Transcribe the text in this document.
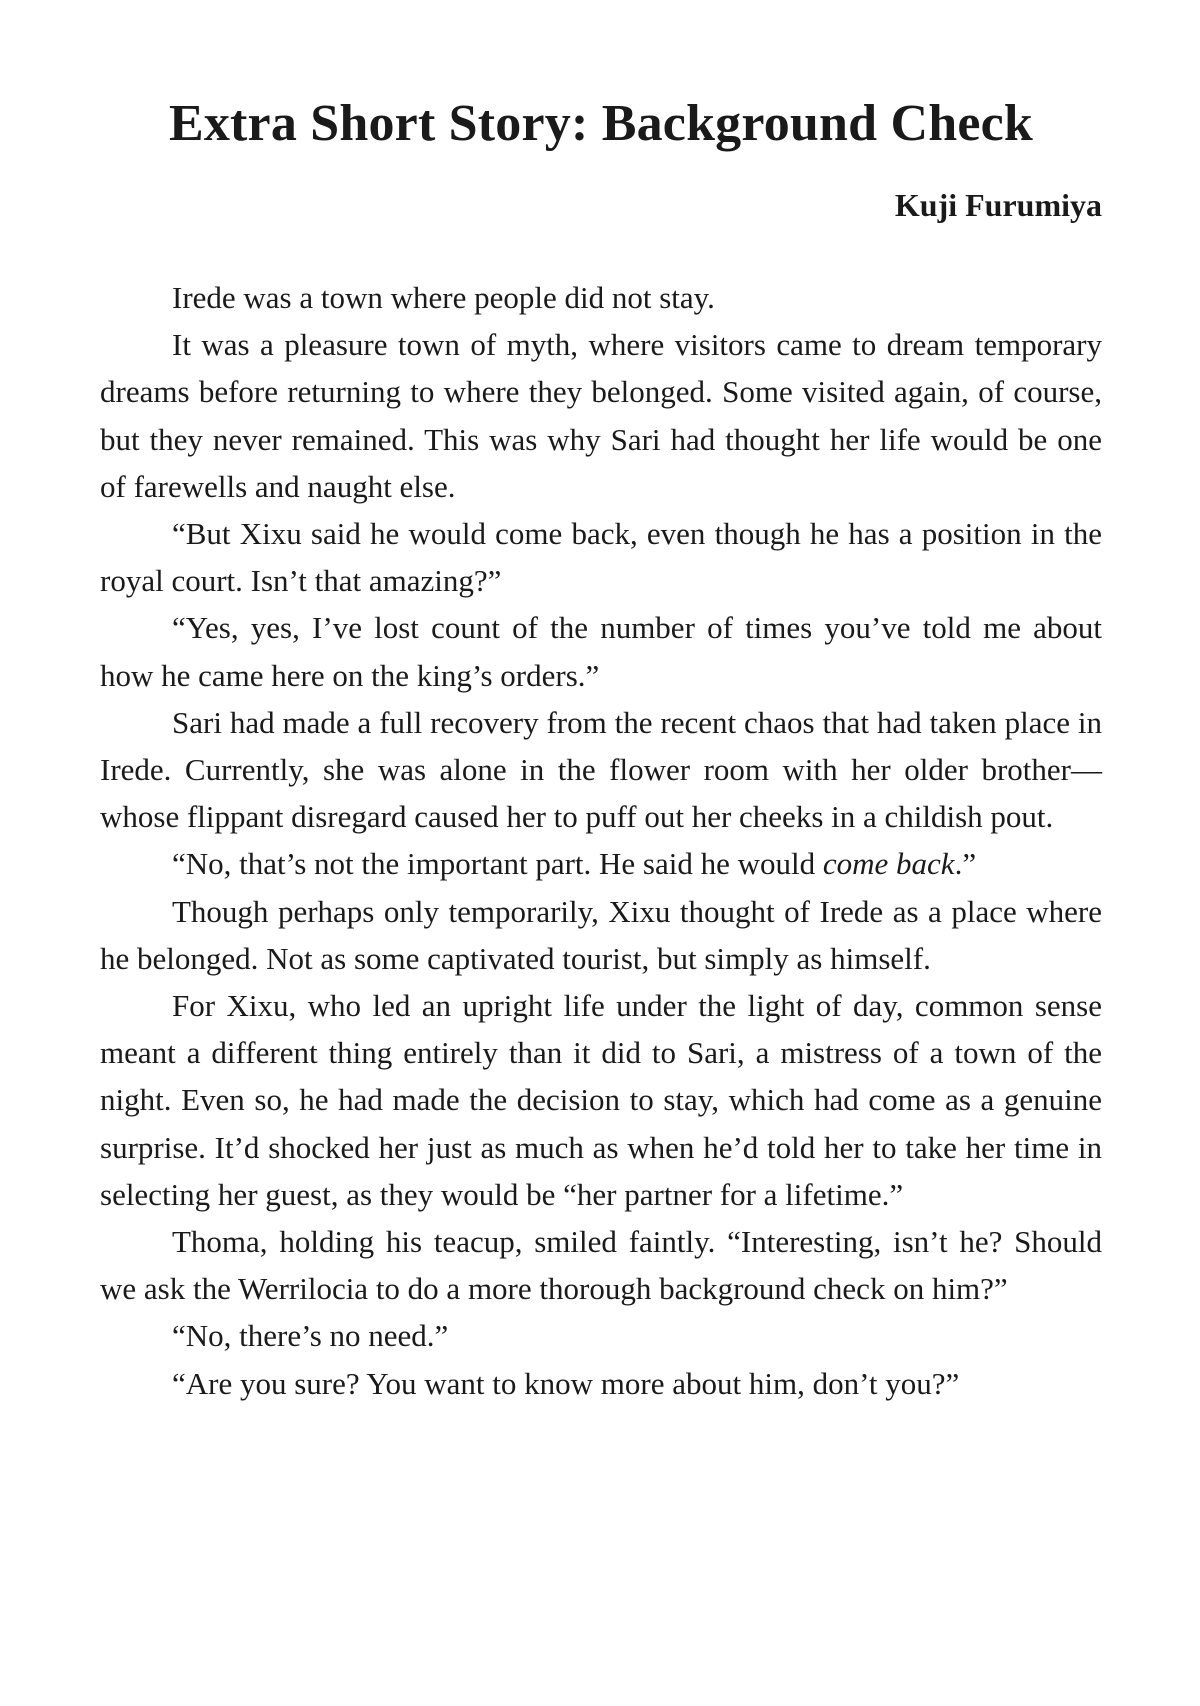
Extra Short Story: Background Check
Kuji Furumiya

Irede was a town where people did not stay.

It was a pleasure town of myth, where visitors came to dream temporary dreams before returning to where they belonged. Some visited again, of course, but they never remained. This was why Sari had thought her life would be one of farewells and naught else.

“But Xixu said he would come back, even though he has a position in the royal court. Isn’t that amazing?”

“Yes, yes, I’ve lost count of the number of times you’ve told me about how he came here on the king’s orders.”

Sari had made a full recovery from the recent chaos that had taken place in Irede. Currently, she was alone in the flower room with her older brother—whose flippant disregard caused her to puff out her cheeks in a childish pout.

“No, that’s not the important part. He said he would come back.”

Though perhaps only temporarily, Xixu thought of Irede as a place where he belonged. Not as some captivated tourist, but simply as himself.

For Xixu, who led an upright life under the light of day, common sense meant a different thing entirely than it did to Sari, a mistress of a town of the night. Even so, he had made the decision to stay, which had come as a genuine surprise. It’d shocked her just as much as when he’d told her to take her time in selecting her guest, as they would be “her partner for a lifetime.”

Thoma, holding his teacup, smiled faintly. “Interesting, isn’t he? Should we ask the Werrilocia to do a more thorough background check on him?”

“No, there’s no need.”

“Are you sure? You want to know more about him, don’t you?”
